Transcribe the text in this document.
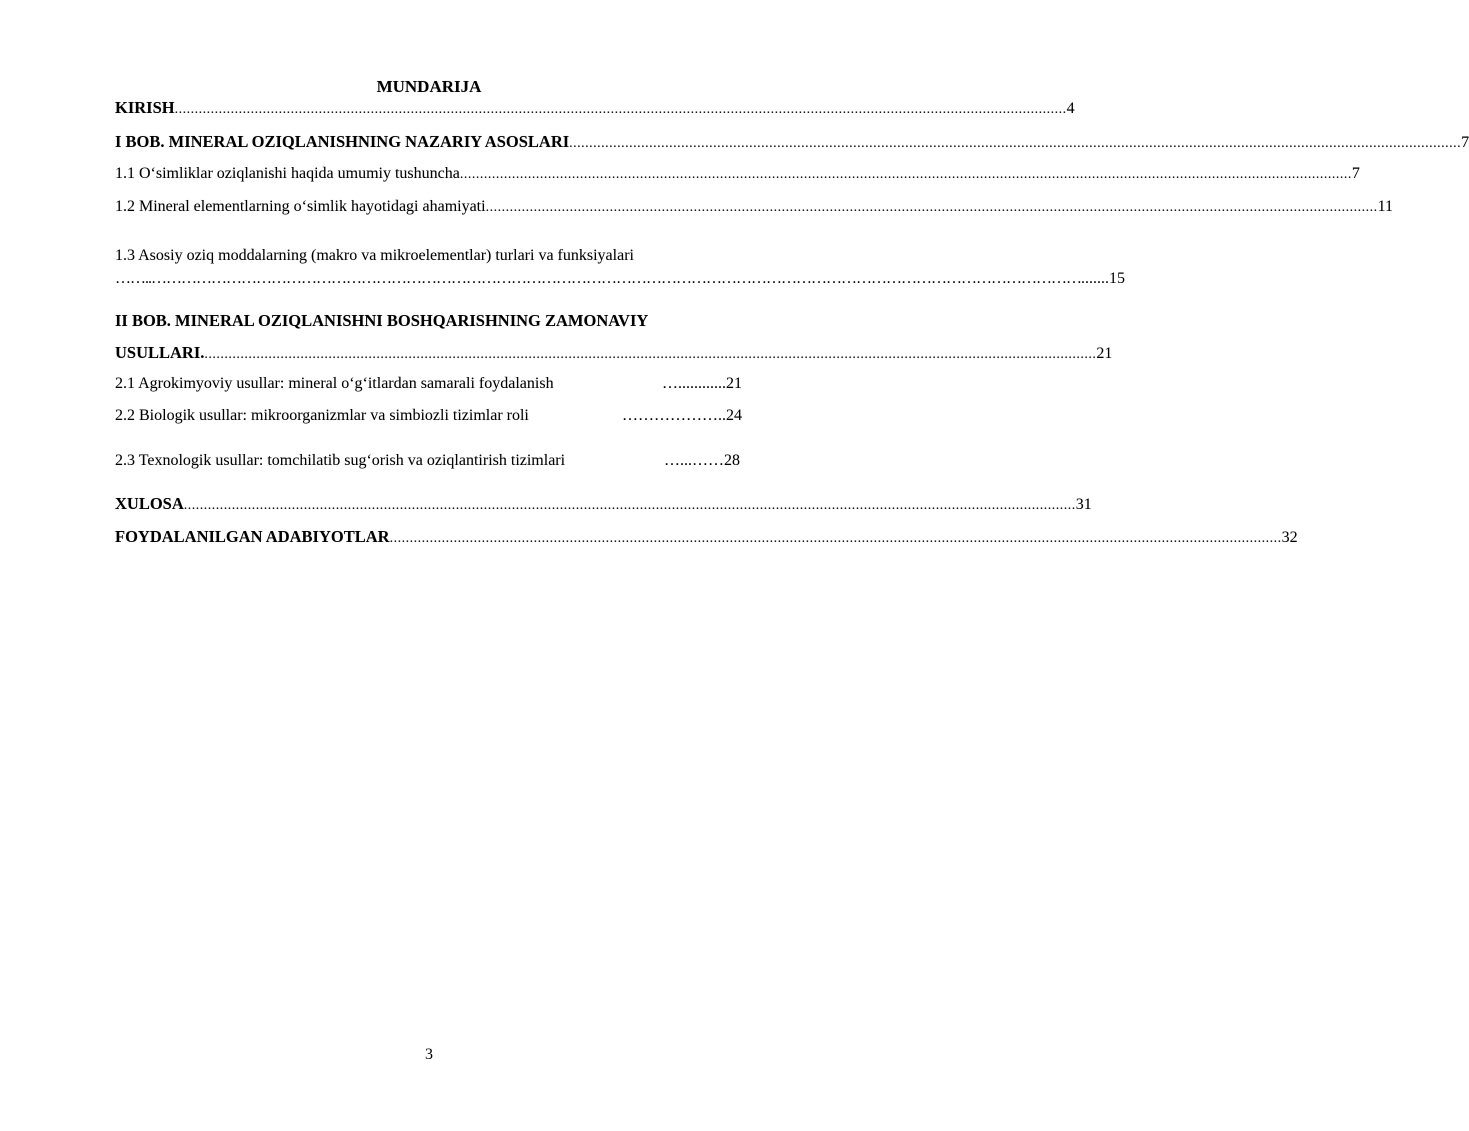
MUNDARIJA
KIRISH .....	4
I BOB. MINERAL OZIQLANISHNING NAZARIY ASOSLARI .....	7
1.1 O‘simliklar oziqlanishi haqida umumiy tushuncha .....	7
1.2 Mineral elementlarning o‘simlik hayotidagi ahamiyati .....	11
1.3 Asosiy oziq moddalarning (makro va mikroelementlar) turlari va funksiyalari
……..……………………………………………………………………………………………………………………………………………………………………
.......15
II BOB. MINERAL OZIQLANISHNI BOSHQARISHNING ZAMONAVIY
USULLARI. .....	21
2.1 Agrokimyoviy usullar: mineral o‘g‘itlardan samarali foydalanish	…............ 21
2.2 Biologik usullar: mikroorganizmlar va simbiozli tizimlar roli	……………….. 24
2.3 Texnologik usullar: tomchilatib sug‘orish va oziqlantirish tizimlari	…...…… 28
XULOSA .....	31
FOYDALANILGAN ADABIYOTLAR .....	32
3
